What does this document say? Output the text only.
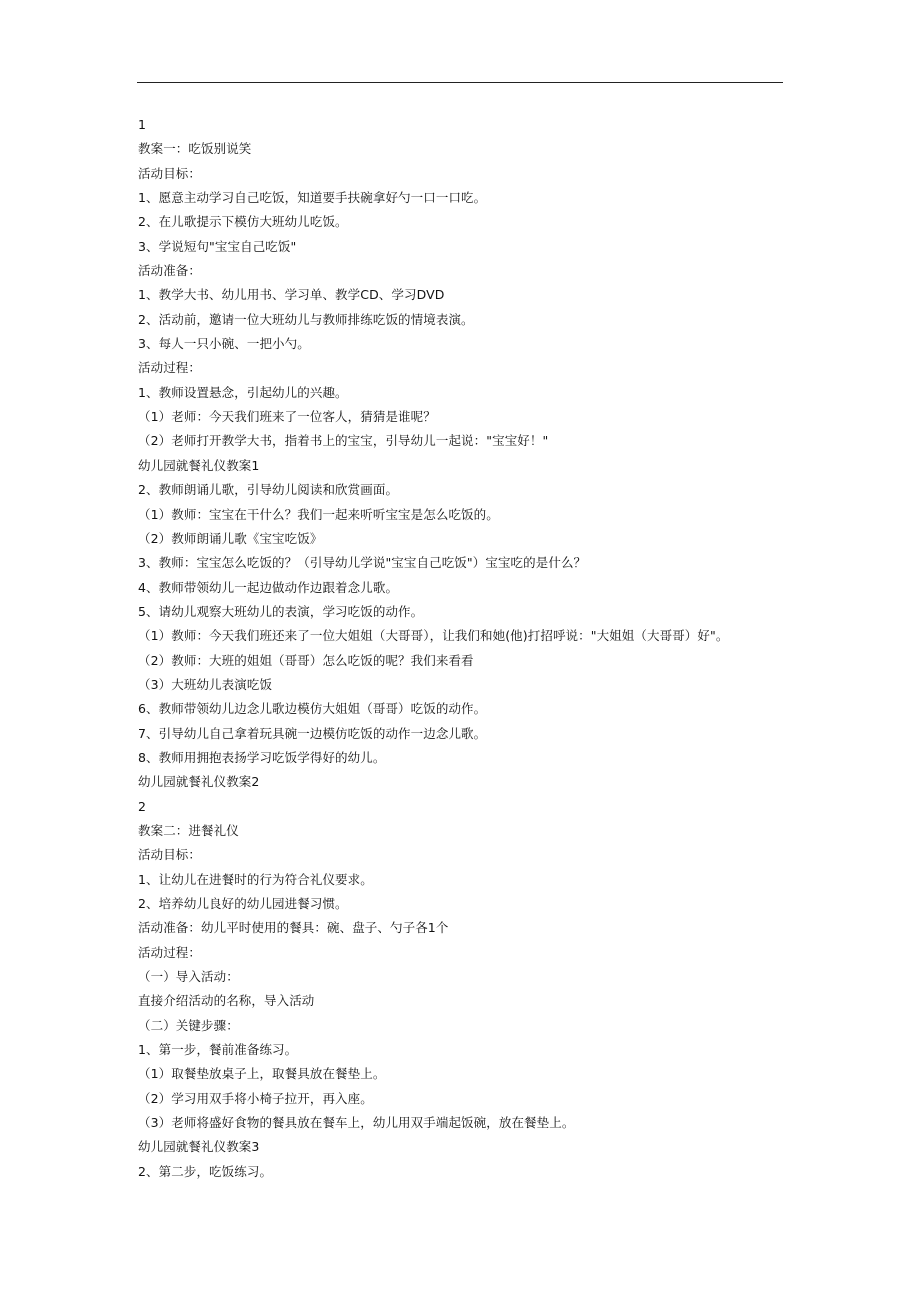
1
教案一：吃饭别说笑
活动目标：
1、愿意主动学习自己吃饭，知道要手扶碗拿好勺一口一口吃。
2、在儿歌提示下模仿大班幼儿吃饭。
3、学说短句"宝宝自己吃饭"
活动准备：
1、教学大书、幼儿用书、学习单、教学CD、学习DVD
2、活动前，邀请一位大班幼儿与教师排练吃饭的情境表演。
3、每人一只小碗、一把小勺。
活动过程：
1、教师设置悬念，引起幼儿的兴趣。
（1）老师：今天我们班来了一位客人，猜猜是谁呢？
（2）老师打开教学大书，指着书上的宝宝，引导幼儿一起说："宝宝好！"
幼儿园就餐礼仪教案1
2、教师朗诵儿歌，引导幼儿阅读和欣赏画面。
（1）教师：宝宝在干什么？我们一起来听听宝宝是怎么吃饭的。
（2）教师朗诵儿歌《宝宝吃饭》
3、教师：宝宝怎么吃饭的？（引导幼儿学说"宝宝自己吃饭"）宝宝吃的是什么？
4、教师带领幼儿一起边做动作边跟着念儿歌。
5、请幼儿观察大班幼儿的表演，学习吃饭的动作。
（1）教师：今天我们班还来了一位大姐姐（大哥哥），让我们和她(他)打招呼说："大姐姐（大哥哥）好"。
（2）教师：大班的姐姐（哥哥）怎么吃饭的呢？我们来看看
（3）大班幼儿表演吃饭
6、教师带领幼儿边念儿歌边模仿大姐姐（哥哥）吃饭的动作。
7、引导幼儿自己拿着玩具碗一边模仿吃饭的动作一边念儿歌。
8、教师用拥抱表扬学习吃饭学得好的幼儿。
幼儿园就餐礼仪教案2
2
教案二：进餐礼仪
活动目标：
1、让幼儿在进餐时的行为符合礼仪要求。
2、培养幼儿良好的幼儿园进餐习惯。
活动准备：幼儿平时使用的餐具：碗、盘子、勺子各1个
活动过程：
（一）导入活动：
直接介绍活动的名称，导入活动
（二）关键步骤：
1、第一步，餐前准备练习。
（1）取餐垫放桌子上，取餐具放在餐垫上。
（2）学习用双手将小椅子拉开，再入座。
（3）老师将盛好食物的餐具放在餐车上，幼儿用双手端起饭碗，放在餐垫上。
幼儿园就餐礼仪教案3
2、第二步，吃饭练习。
